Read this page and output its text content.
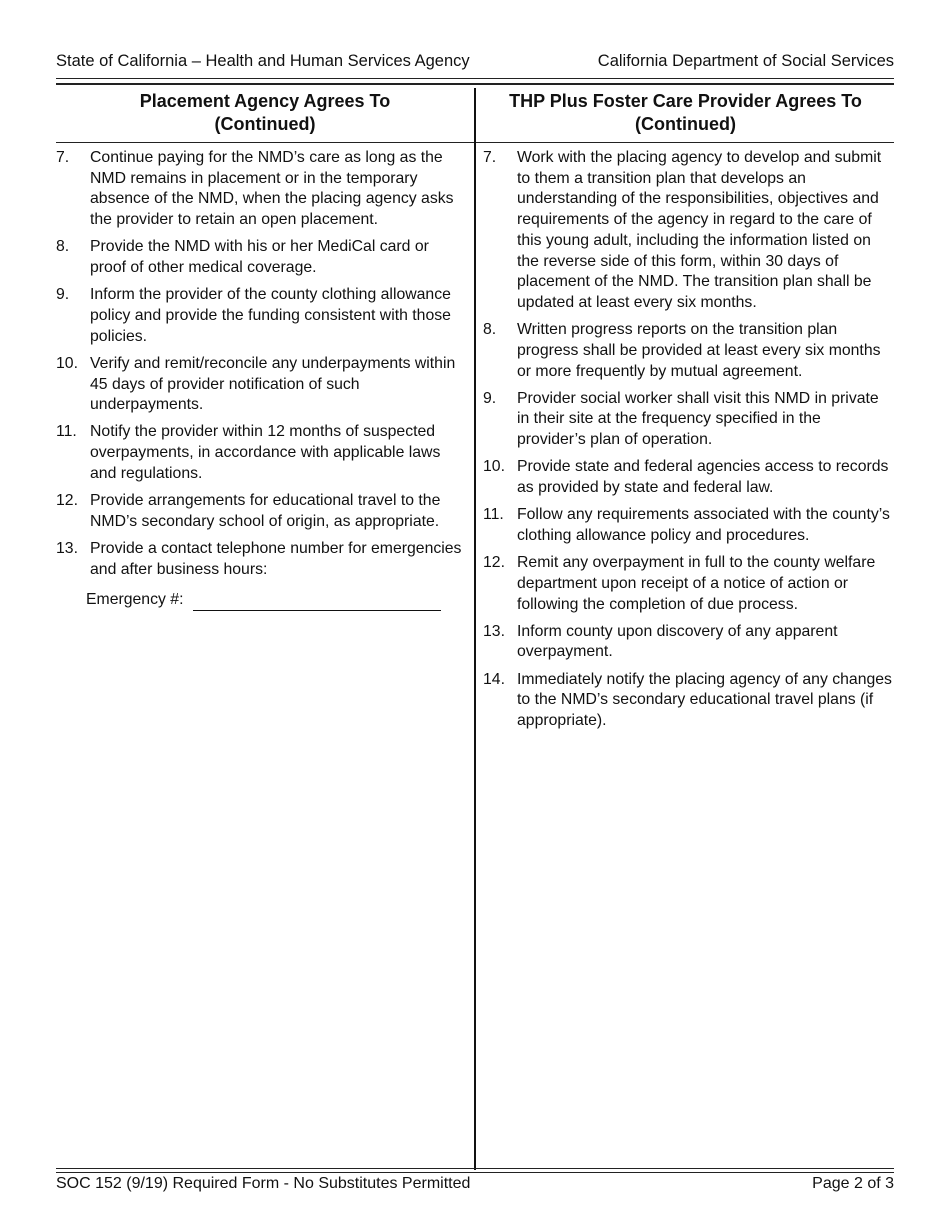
State of California – Health and Human Services Agency	California Department of Social Services
Placement Agency Agrees To
(Continued)
THP Plus Foster Care Provider Agrees To
(Continued)
7.	Continue paying for the NMD’s care as long as the NMD remains in placement or in the temporary absence of the NMD, when the placing agency asks the provider to retain an open placement.
8.	Provide the NMD with his or her MediCal card or proof of other medical coverage.
9.	Inform the provider of the county clothing allowance policy and provide the funding consistent with those policies.
10. Verify and remit/reconcile any underpayments within 45 days of provider notification of such underpayments.
11. Notify the provider within 12 months of suspected overpayments, in accordance with applicable laws and regulations.
12. Provide arrangements for educational travel to the NMD’s secondary school of origin, as appropriate.
13. Provide a contact telephone number for emergencies and after business hours:
Emergency #:
7.	Work with the placing agency to develop and submit to them a transition plan that develops an understanding of the responsibilities, objectives and requirements of the agency in regard to the care of this young adult, including the information listed on the reverse side of this form, within 30 days of placement of the NMD. The transition plan shall be updated at least every six months.
8.	Written progress reports on the transition plan progress shall be provided at least every six months or more frequently by mutual agreement.
9.	Provider social worker shall visit this NMD in private in their site at the frequency specified in the provider’s plan of operation.
10. Provide state and federal agencies access to records as provided by state and federal law.
11. Follow any requirements associated with the county’s clothing allowance policy and procedures.
12. Remit any overpayment in full to the county welfare department upon receipt of a notice of action or following the completion of due process.
13. Inform county upon discovery of any apparent overpayment.
14. Immediately notify the placing agency of any changes to the NMD’s secondary educational travel plans (if appropriate).
SOC 152 (9/19) Required Form - No Substitutes Permitted	Page 2 of 3
